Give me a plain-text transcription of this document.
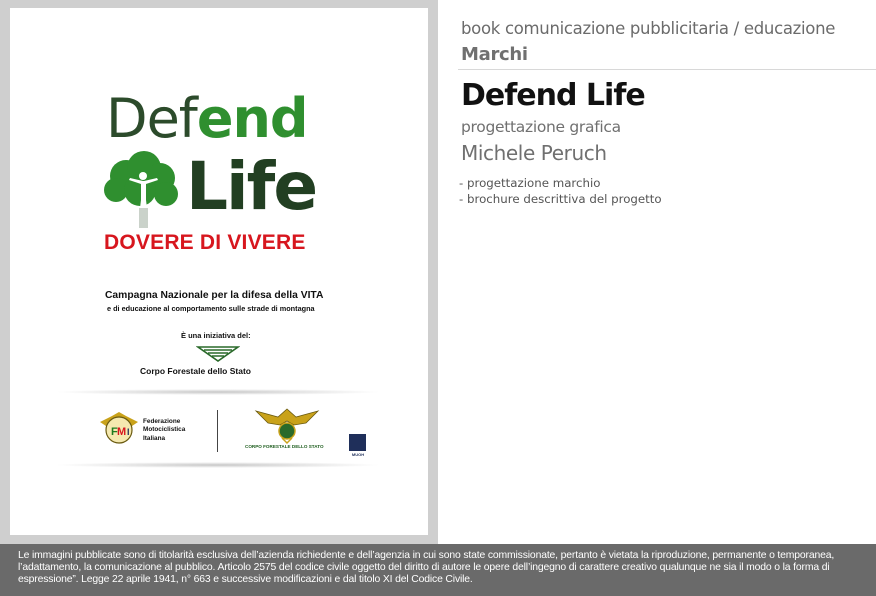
Defend
Life
DOVERE DI VIVERE
Campagna Nazionale per la difesa della VITA
e di educazione al comportamento sulle strade di montagna
È una iniziativa del:
Corpo Forestale dello Stato
F M I
Federazione Motociclistica Italiana
CORPO FORESTALE DELLO STATO
MUOH
book comunicazione pubblicitaria / educazione
Marchi
Defend Life
progettazione grafica
Michele Peruch
- progettazione marchio
- brochure descrittiva del progetto

Le immagini pubblicate sono di titolarità esclusiva dell’azienda richiedente e dell’agenzia in cui sono state commissionate, pertanto è vietata la riproduzione, permanente o temporanea, l’adattamento, la comunicazione al pubblico. Articolo 2575 del codice civile oggetto del diritto di autore le opere dell’ingegno di carattere creativo qualunque ne sia il modo o la forma di espressione”. Legge 22 aprile 1941, n° 663 e successive modificazioni e dal titolo XI del Codice Civile.
